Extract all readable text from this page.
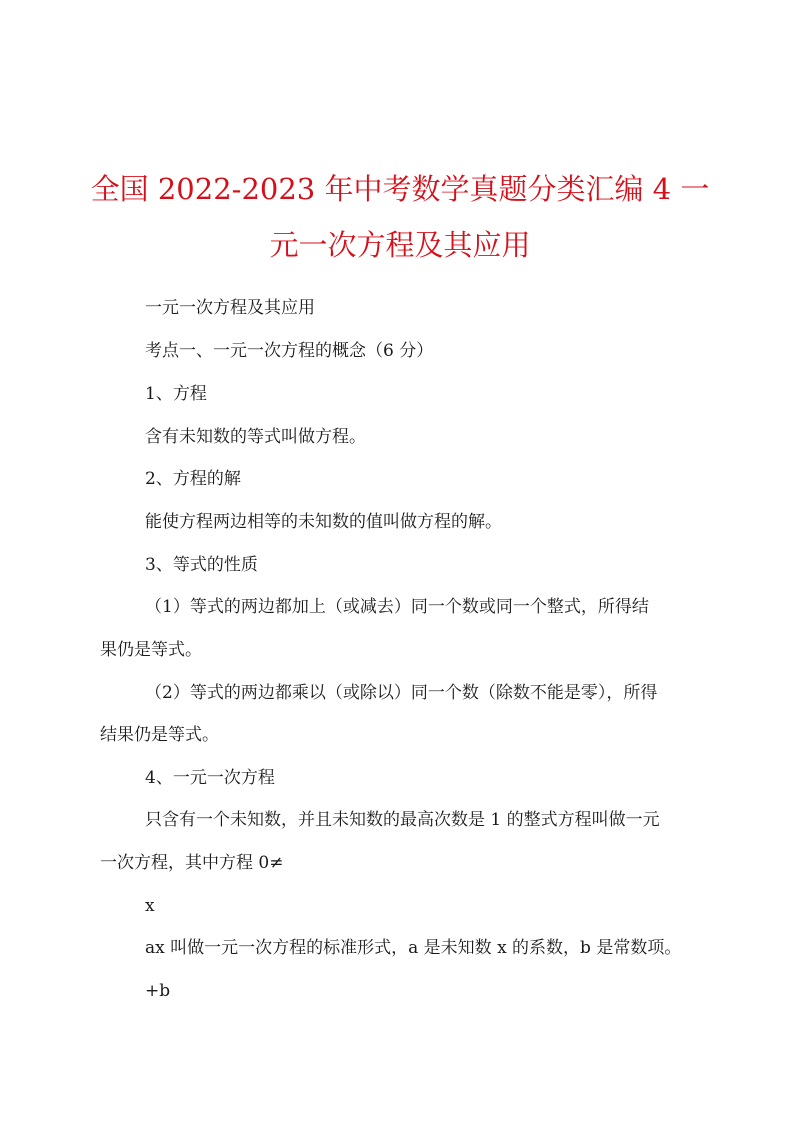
全国 2022-2023 年中考数学真题分类汇编 4 一
元一次方程及其应用

一元一次方程及其应用

考点一、一元一次方程的概念（6 分）

1、方程

含有未知数的等式叫做方程。

2、方程的解

能使方程两边相等的未知数的值叫做方程的解。

3、等式的性质

（1）等式的两边都加上（或减去）同一个数或同一个整式，所得结

果仍是等式。

（2）等式的两边都乘以（或除以）同一个数（除数不能是零），所得

结果仍是等式。

4、一元一次方程

只含有一个未知数，并且未知数的最高次数是 1 的整式方程叫做一元

一次方程，其中方程 0≠

x

ax 叫做一元一次方程的标准形式，a 是未知数 x 的系数，b 是常数项。

+b
